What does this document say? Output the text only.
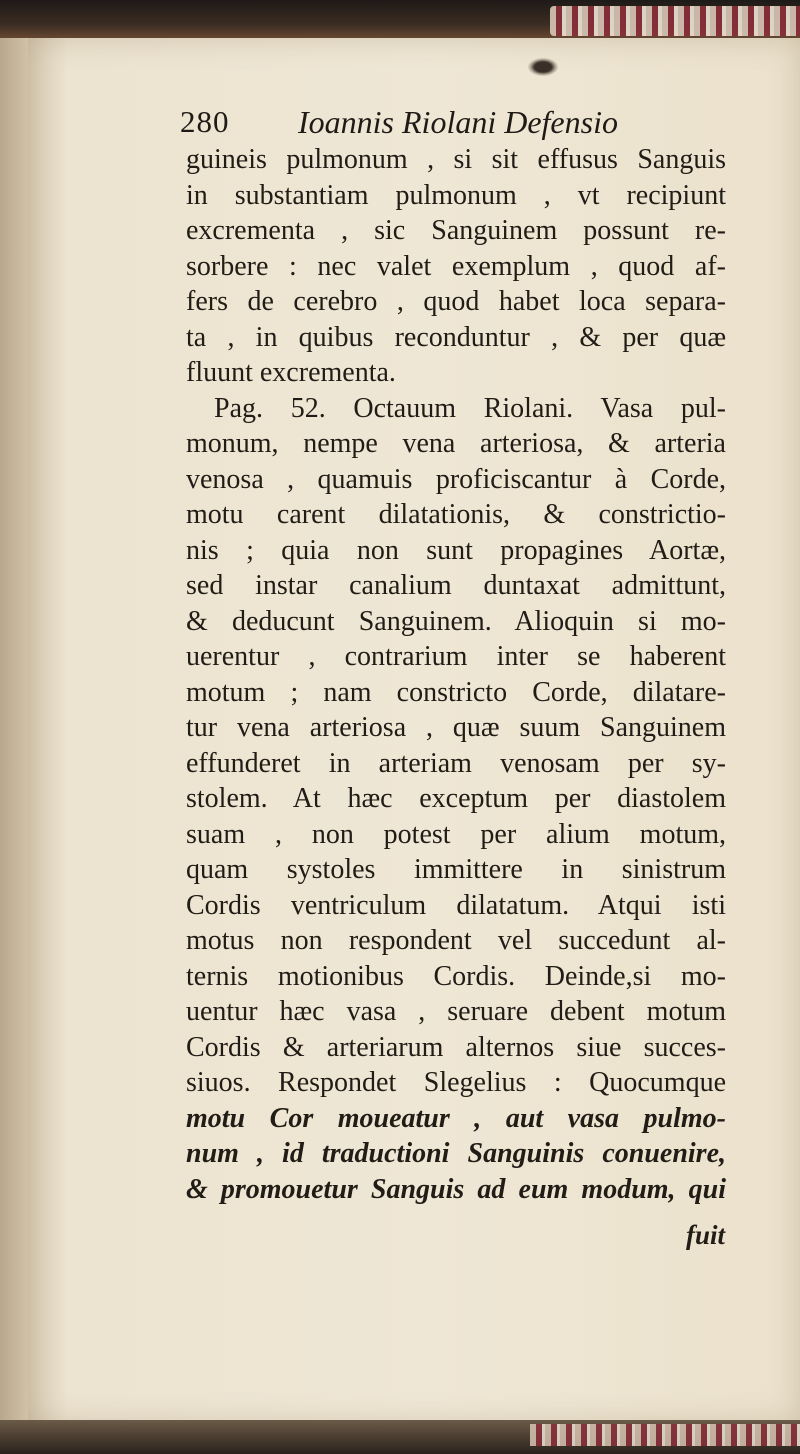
280 Ioannis Riolani Defensio
guineis pulmonum , si sit effusus Sanguis
in substantiam pulmonum , vt recipiunt
excrementa , sic Sanguinem possunt re-
sorbere : nec valet exemplum , quod af-
fers de cerebro , quod habet loca separa-
ta , in quibus reconduntur , & per quæ
fluunt excrementa.
Pag. 52. Octauum Riolani. Vasa pul-
monum, nempe vena arteriosa, & arteria
venosa , quamuis proficiscantur à Corde,
motu carent dilatationis, & constrictio-
nis ; quia non sunt propagines Aortæ,
sed instar canalium duntaxat admittunt,
& deducunt Sanguinem. Alioquin si mo-
uerentur , contrarium inter se haberent
motum ; nam constricto Corde, dilatare-
tur vena arteriosa , quæ suum Sanguinem
effunderet in arteriam venosam per sy-
stolem. At hæc exceptum per diastolem
suam , non potest per alium motum,
quam systoles immittere in sinistrum
Cordis ventriculum dilatatum. Atqui isti
motus non respondent vel succedunt al-
ternis motionibus Cordis. Deinde,si mo-
uentur hæc vasa , seruare debent motum
Cordis & arteriarum alternos siue succes-
siuos. Respondet Slegelius : Quocumque
motu Cor moueatur , aut vasa pulmo-
num , id traductioni Sanguinis conuenire,
& promouetur Sanguis ad eum modum, qui
fuit
